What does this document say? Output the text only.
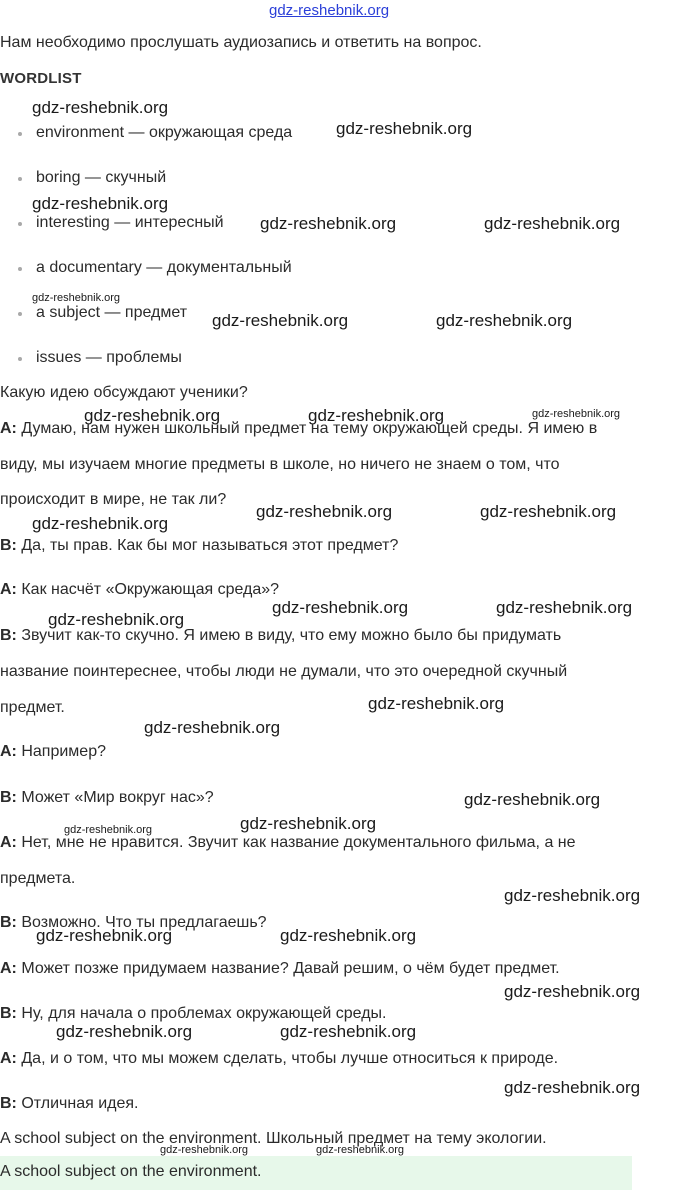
gdz-reshebnik.org
Нам необходимо прослушать аудиозапись и ответить на вопрос.
WORDLIST
environment — окружающая среда
boring — скучный
interesting — интересный
a documentary — документальный
a subject — предмет
issues — проблемы
Какую идею обсуждают ученики?
A: Думаю, нам нужен школьный предмет на тему окружающей среды. Я имею в
виду, мы изучаем многие предметы в школе, но ничего не знаем о том, что
происходит в мире, не так ли?
B: Да, ты прав. Как бы мог называться этот предмет?
A: Как насчёт «Окружающая среда»?
B: Звучит как-то скучно. Я имею в виду, что ему можно было бы придумать
название поинтереснее, чтобы люди не думали, что это очередной скучный
предмет.
A: Например?
B: Может «Мир вокруг нас»?
A: Нет, мне не нравится. Звучит как название документального фильма, а не
предмета.
B: Возможно. Что ты предлагаешь?
A: Может позже придумаем название? Давай решим, о чём будет предмет.
B: Ну, для начала о проблемах окружающей среды.
A: Да, и о том, что мы можем сделать, чтобы лучше относиться к природе.
B: Отличная идея.
A school subject on the environment. Школьный предмет на тему экологии.
A school subject on the environment.
gdz-reshebnik.org
gdz-reshebnik.org
gdz-reshebnik.org
gdz-reshebnik.org	gdz-reshebnik.org
gdz-reshebnik.org
gdz-reshebnik.org	gdz-reshebnik.org
gdz-reshebnik.org	gdz-reshebnik.org	gdz-reshebnik.org
gdz-reshebnik.org	gdz-reshebnik.org
gdz-reshebnik.org
gdz-reshebnik.org	gdz-reshebnik.org
gdz-reshebnik.org
gdz-reshebnik.org
gdz-reshebnik.org
gdz-reshebnik.org
gdz-reshebnik.org
gdz-reshebnik.org
gdz-reshebnik.org
gdz-reshebnik.org	gdz-reshebnik.org
gdz-reshebnik.org
gdz-reshebnik.org	gdz-reshebnik.org
gdz-reshebnik.org
gdz-reshebnik.org	gdz-reshebnik.org
